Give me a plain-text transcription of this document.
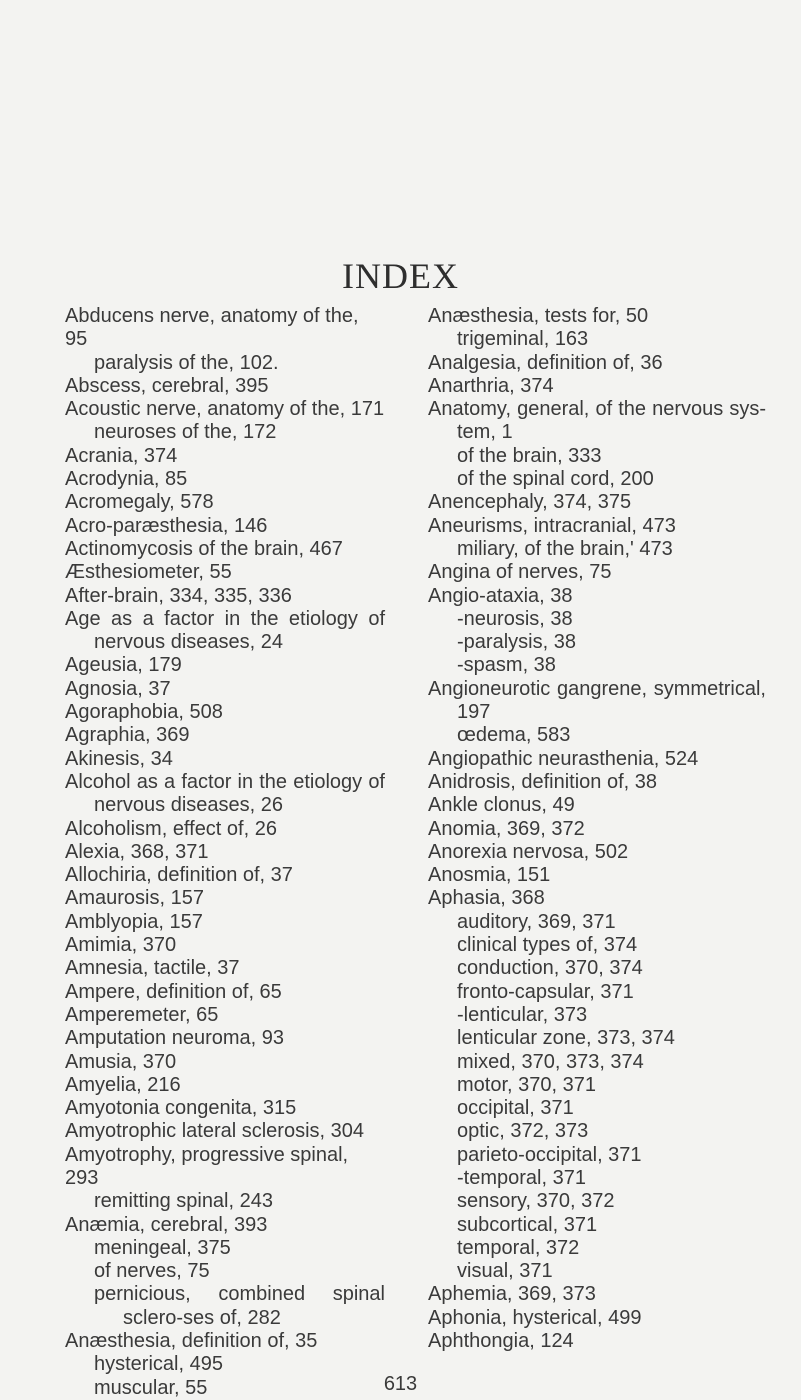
INDEX
Abducens nerve, anatomy of the, 95
paralysis of the, 102.
Abscess, cerebral, 395
Acoustic nerve, anatomy of the, 171
neuroses of the, 172
Acrania, 374
Acrodynia, 85
Acromegaly, 578
Acro-paræsthesia, 146
Actinomycosis of the brain, 467
Æsthesiometer, 55
After-brain, 334, 335, 336
Age as a factor in the etiology of nervous diseases, 24
Ageusia, 179
Agnosia, 37
Agoraphobia, 508
Agraphia, 369
Akinesis, 34
Alcohol as a factor in the etiology of nervous diseases, 26
Alcoholism, effect of, 26
Alexia, 368, 371
Allochiria, definition of, 37
Amaurosis, 157
Amblyopia, 157
Amimia, 370
Amnesia, tactile, 37
Ampere, definition of, 65
Amperemeter, 65
Amputation neuroma, 93
Amusia, 370
Amyelia, 216
Amyotonia congenita, 315
Amyotrophic lateral sclerosis, 304
Amyotrophy, progressive spinal, 293
remitting spinal, 243
Anæmia, cerebral, 393
meningeal, 375
of nerves, 75
pernicious, combined spinal sclero-ses of, 282
Anæsthesia, definition of, 35
hysterical, 495
muscular, 55
Anæsthesia, tests for, 50
trigeminal, 163
Analgesia, definition of, 36
Anarthria, 374
Anatomy, general, of the nervous sys-tem, 1
of the brain, 333
of the spinal cord, 200
Anencephaly, 374, 375
Aneurisms, intracranial, 473
miliary, of the brain,' 473
Angina of nerves, 75
Angio-ataxia, 38
-neurosis, 38
-paralysis, 38
-spasm, 38
Angioneurotic gangrene, symmetrical, 197
œdema, 583
Angiopathic neurasthenia, 524
Anidrosis, definition of, 38
Ankle clonus, 49
Anomia, 369, 372
Anorexia nervosa, 502
Anosmia, 151
Aphasia, 368
auditory, 369, 371
clinical types of, 374
conduction, 370, 374
fronto-capsular, 371
-lenticular, 373
lenticular zone, 373, 374
mixed, 370, 373, 374
motor, 370, 371
occipital, 371
optic, 372, 373
parieto-occipital, 371
-temporal, 371
sensory, 370, 372
subcortical, 371
temporal, 372
visual, 371
Aphemia, 369, 373
Aphonia, hysterical, 499
Aphthongia, 124
613
